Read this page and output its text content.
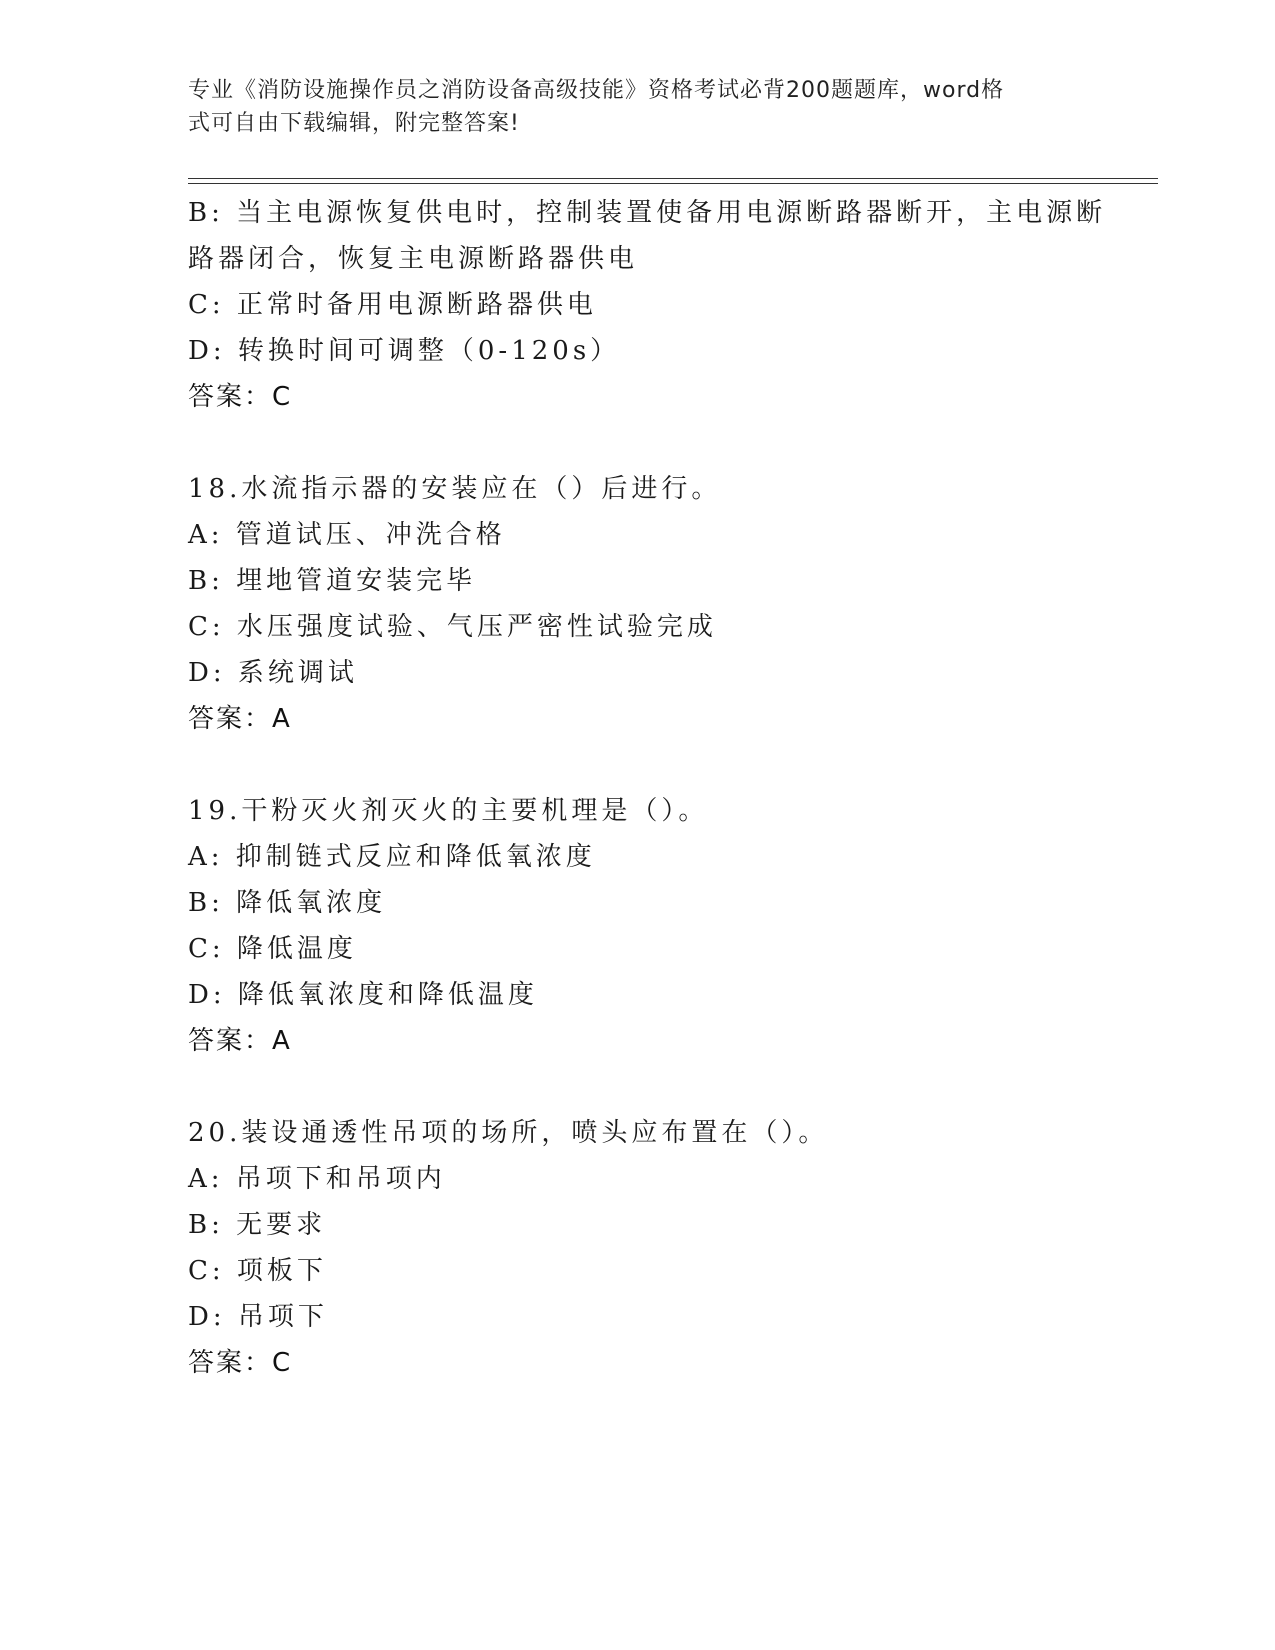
专业《消防设施操作员之消防设备高级技能》资格考试必背200题题库，word格
式可自由下载编辑，附完整答案!
B: 当主电源恢复供电时，控制装置使备用电源断路器断开，主电源断
路器闭合，恢复主电源断路器供电
C: 正常时备用电源断路器供电
D: 转换时间可调整（0-120s）
答案：C
18.水流指示器的安装应在（）后进行。
A: 管道试压、冲洗合格
B: 埋地管道安装完毕
C: 水压强度试验、气压严密性试验完成
D: 系统调试
答案：A
19.干粉灭火剂灭火的主要机理是（）。
A: 抑制链式反应和降低氧浓度
B: 降低氧浓度
C: 降低温度
D: 降低氧浓度和降低温度
答案：A
20.装设通透性吊项的场所，喷头应布置在（）。
A: 吊项下和吊项内
B: 无要求
C: 项板下
D: 吊项下
答案：C
